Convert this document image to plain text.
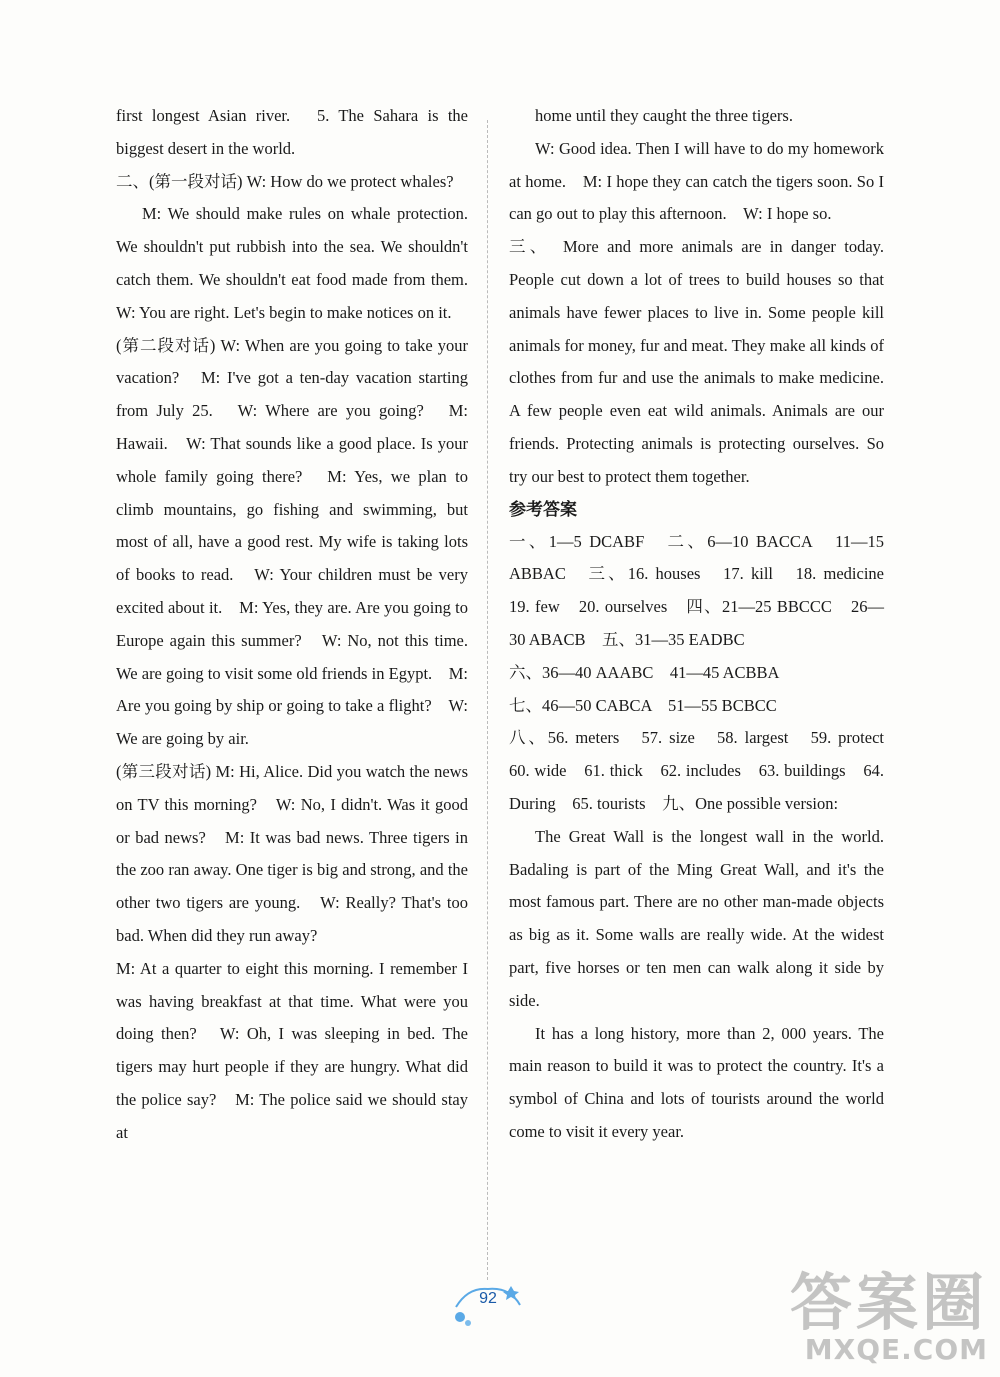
first longest Asian river.　5. The Sahara is the biggest desert in the world.

二、(第一段对话) W: How do we protect whales?

M: We should make rules on whale protection. We shouldn't put rubbish into the sea. We shouldn't catch them. We shouldn't eat food made from them.　W: You are right. Let's begin to make notices on it.

(第二段对话) W: When are you going to take your vacation?　M: I've got a ten-day vacation starting from July 25.　W: Where are you going?　M: Hawaii.　W: That sounds like a good place. Is your whole family going there?　M: Yes, we plan to climb mountains, go fishing and swimming, but most of all, have a good rest. My wife is taking lots of books to read.　W: Your children must be very excited about it.　M: Yes, they are. Are you going to Europe again this summer?　W: No, not this time. We are going to visit some old friends in Egypt.　M: Are you going by ship or going to take a flight?　W: We are going by air.

(第三段对话) M: Hi, Alice. Did you watch the news on TV this morning?　W: No, I didn't. Was it good or bad news?　M: It was bad news. Three tigers in the zoo ran away. One tiger is big and strong, and the other two tigers are young.　W: Really? That's too bad. When did they run away?

M: At a quarter to eight this morning. I remember I was having breakfast at that time. What were you doing then?　W: Oh, I was sleeping in bed. The tigers may hurt people if they are hungry. What did the police say?　M: The police said we should stay at

home until they caught the three tigers.

W: Good idea. Then I will have to do my homework at home.　M: I hope they can catch the tigers soon. So I can go out to play this afternoon.　W: I hope so.

三、　More and more animals are in danger today. People cut down a lot of trees to build houses so that animals have fewer places to live in. Some people kill animals for money, fur and meat. They make all kinds of clothes from fur and use the animals to make medicine. A few people even eat wild animals. Animals are our friends. Protecting animals is protecting ourselves. So try our best to protect them together.

参考答案

一、1—5 DCABF　二、6—10 BACCA　11—15 ABBAC　三、16. houses　17. kill　18. medicine　19. few　20. ourselves　四、21—25 BBCCC　26—30 ABACB　五、31—35 EADBC

六、36—40 AAABC　41—45 ACBBA

七、46—50 CABCA　51—55 BCBCC

八、56. meters　57. size　58. largest　59. protect　60. wide　61. thick　62. includes　63. buildings　64. During　65. tourists　九、One possible version:

The Great Wall is the longest wall in the world. Badaling is part of the Ming Great Wall, and it's the most famous part. There are no other man-made objects as big as it. Some walls are really wide. At the widest part, five horses or ten men can walk along it side by side.

It has a long history, more than 2, 000 years. The main reason to build it was to protect the country. It's a symbol of China and lots of tourists around the world come to visit it every year.

92	答案圈
MXQE.COM
